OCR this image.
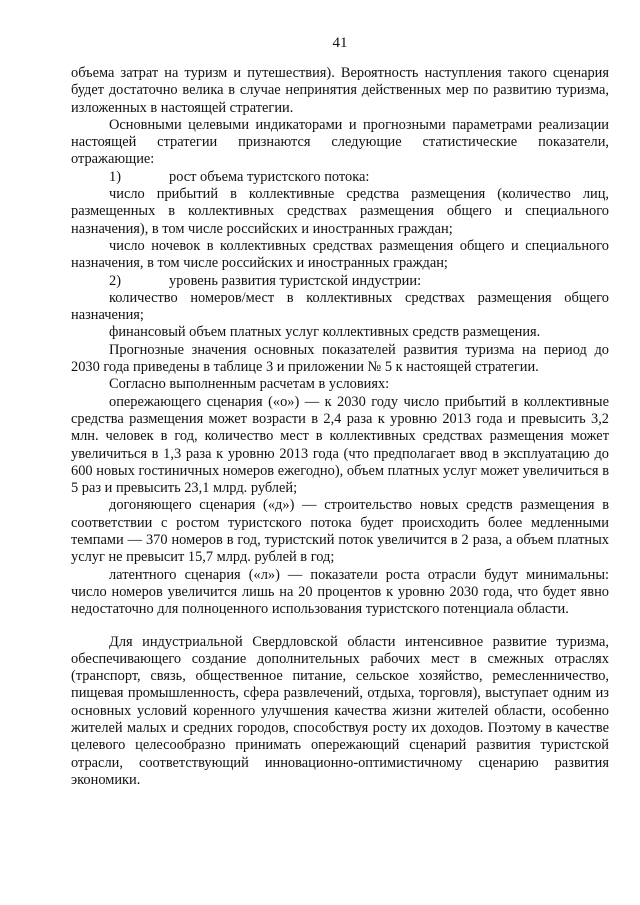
41

объема затрат на туризм и путешествия). Вероятность наступления такого сценария будет достаточно велика в случае непринятия действенных мер по развитию туризма, изложенных в настоящей стратегии.

Основными целевыми индикаторами и прогнозными параметрами реализации настоящей стратегии признаются следующие статистические показатели, отражающие:

1)	рост объема туристского потока:

число прибытий в коллективные средства размещения (количество лиц, размещенных в коллективных средствах размещения общего и специального назначения), в том числе российских и иностранных граждан;

число ночевок в коллективных средствах размещения общего и специального назначения, в том числе российских и иностранных граждан;

2)	уровень развития туристской индустрии:

количество номеров/мест в коллективных средствах размещения общего назначения;

финансовый объем платных услуг коллективных средств размещения.

Прогнозные значения основных показателей развития туризма на период до 2030 года приведены в таблице 3 и приложении № 5 к настоящей стратегии.

Согласно выполненным расчетам в условиях:

опережающего сценария («о») — к 2030 году число прибытий в коллективные средства размещения может возрасти в 2,4 раза к уровню 2013 года и превысить 3,2 млн. человек в год, количество мест в коллективных средствах размещения может увеличиться в 1,3 раза к уровню 2013 года (что предполагает ввод в эксплуатацию до 600 новых гостиничных номеров ежегодно), объем платных услуг может увеличиться в 5 раз и превысить 23,1 млрд. рублей;

догоняющего сценария («д») — строительство новых средств размещения в соответствии с ростом туристского потока будет происходить более медленными темпами — 370 номеров в год, туристский поток увеличится в 2 раза, а объем платных услуг не превысит 15,7 млрд. рублей в год;

латентного сценария («л») — показатели роста отрасли будут минимальны: число номеров увеличится лишь на 20 процентов к уровню 2030 года, что будет явно недостаточно для полноценного использования туристского потенциала области.

Для индустриальной Свердловской области интенсивное развитие туризма, обеспечивающего создание дополнительных рабочих мест в смежных отраслях (транспорт, связь, общественное питание, сельское хозяйство, ремесленничество, пищевая промышленность, сфера развлечений, отдыха, торговля), выступает одним из основных условий коренного улучшения качества жизни жителей области, особенно жителей малых и средних городов, способствуя росту их доходов. Поэтому в качестве целевого целесообразно принимать опережающий сценарий развития туристской отрасли, соответствующий инновационно-оптимистичному сценарию развития экономики.
